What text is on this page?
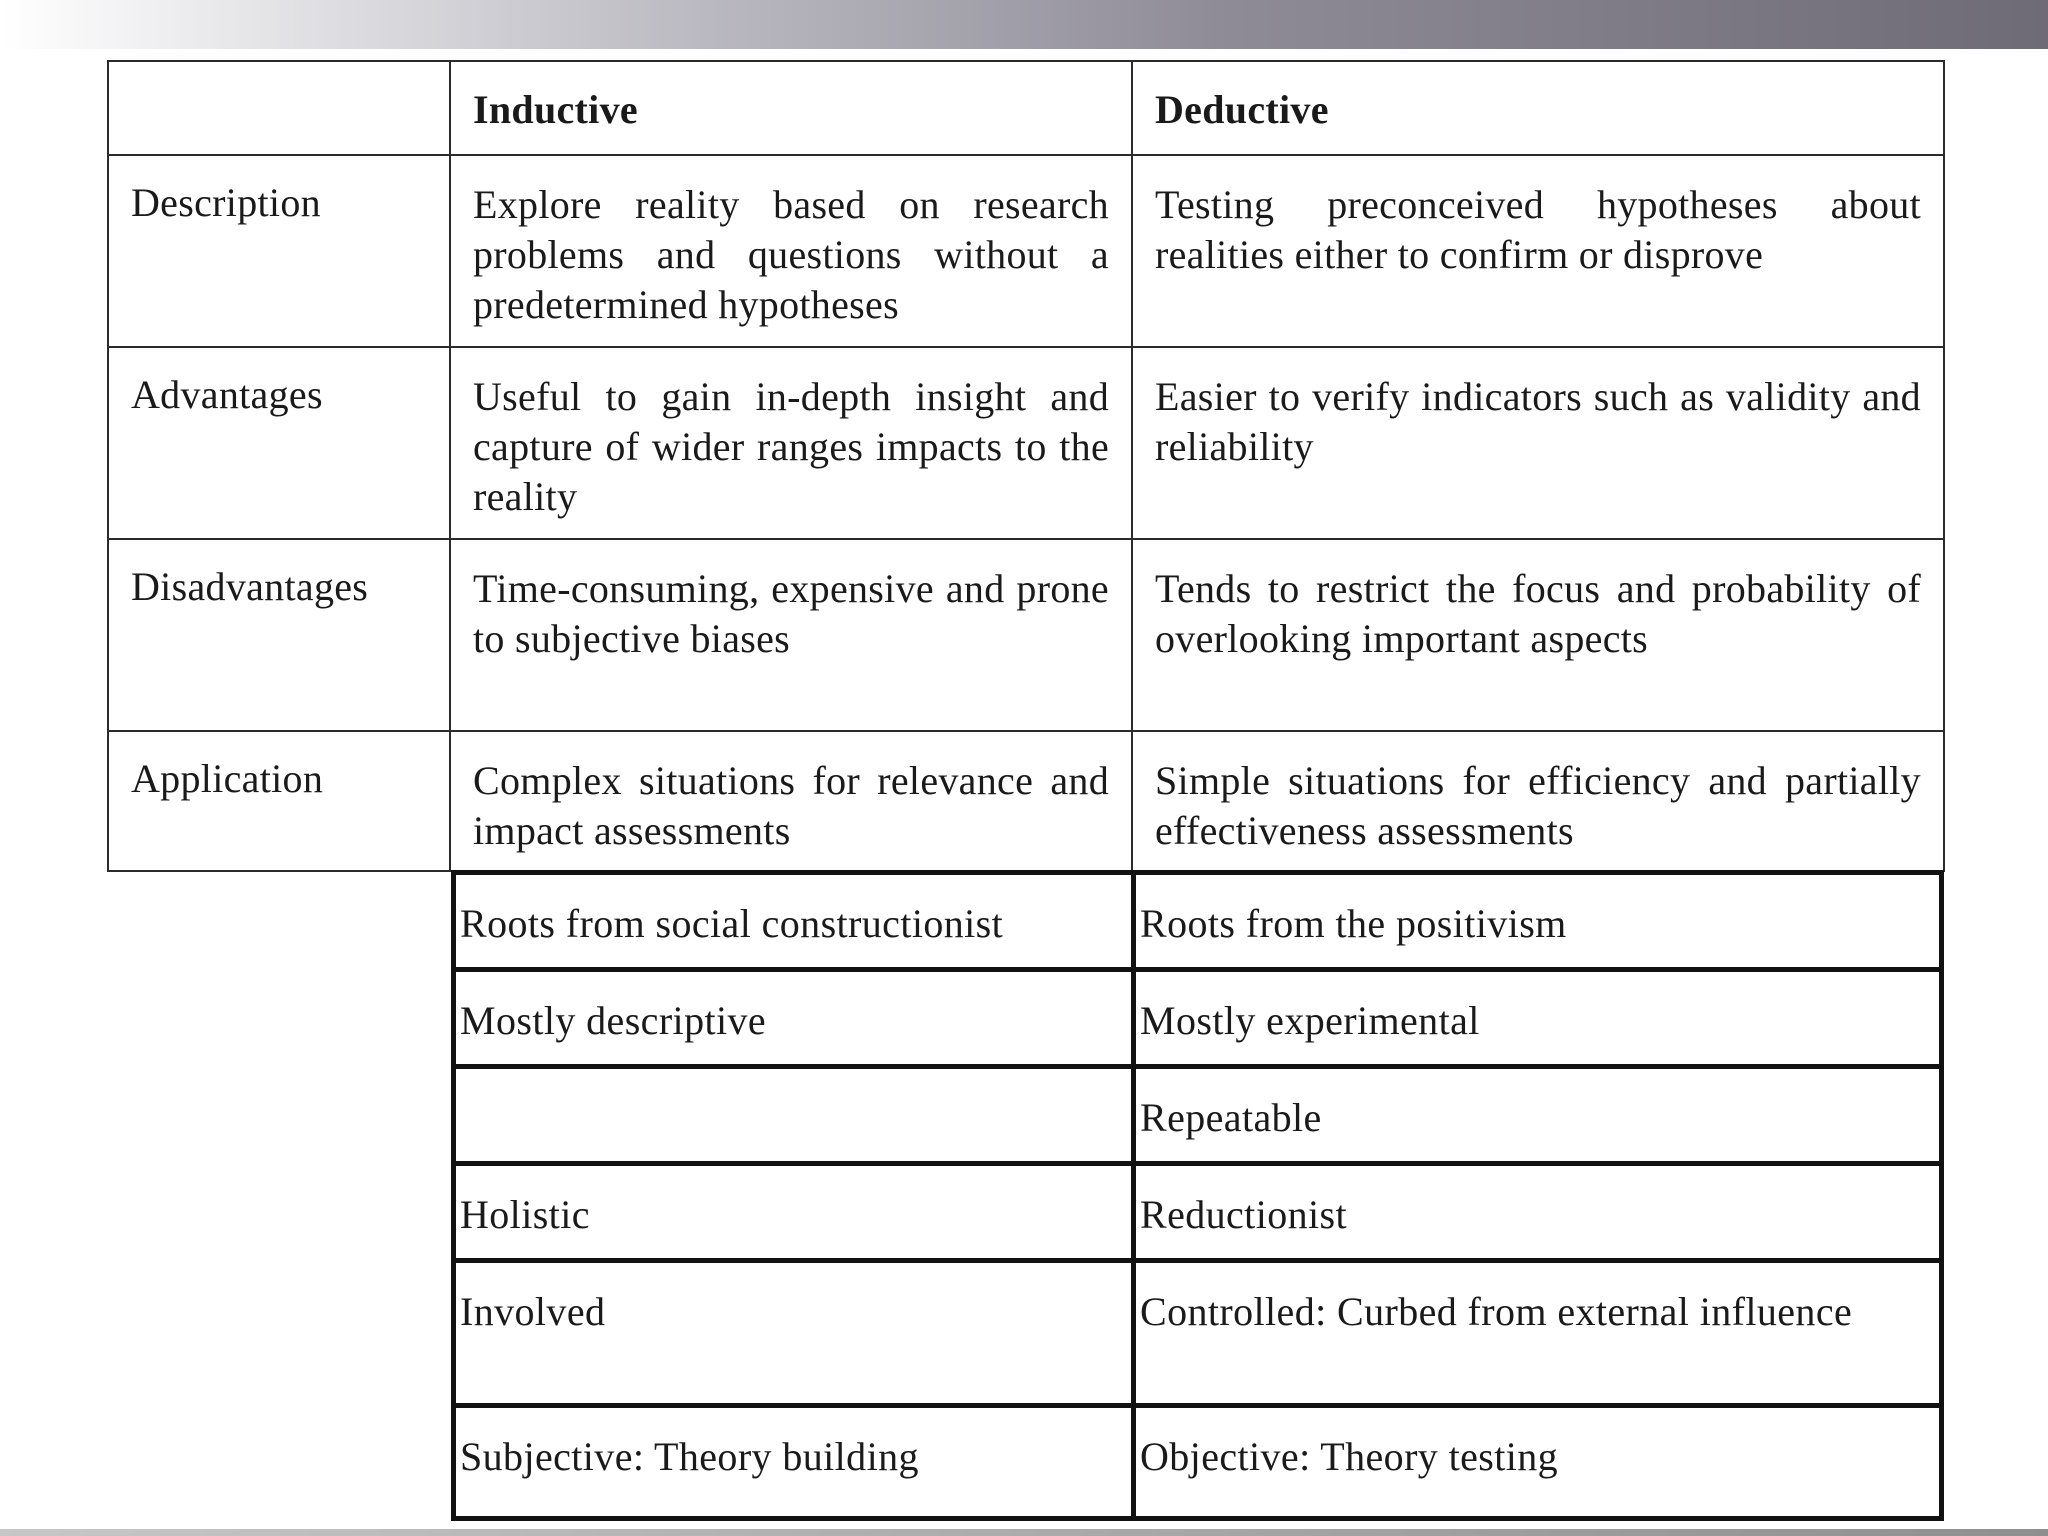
	Inductive	Deductive
Description	Explore reality based on research problems and questions without a predetermined hypotheses	Testing preconceived hypotheses about realities either to confirm or disprove
Advantages	Useful to gain in-depth insight and capture of wider ranges impacts to the reality	Easier to verify indicators such as validity and reliability
Disadvantages	Time-consuming, expensive and prone to subjective biases	Tends to restrict the focus and probability of overlooking important aspects
Application	Complex situations for relevance and impact assessments	Simple situations for efficiency and partially effectiveness assessments
Roots from social constructionist	Roots from the positivism
Mostly descriptive	Mostly experimental
	Repeatable
Holistic	Reductionist
Involved	Controlled: Curbed from external influence
Subjective: Theory building	Objective: Theory testing
